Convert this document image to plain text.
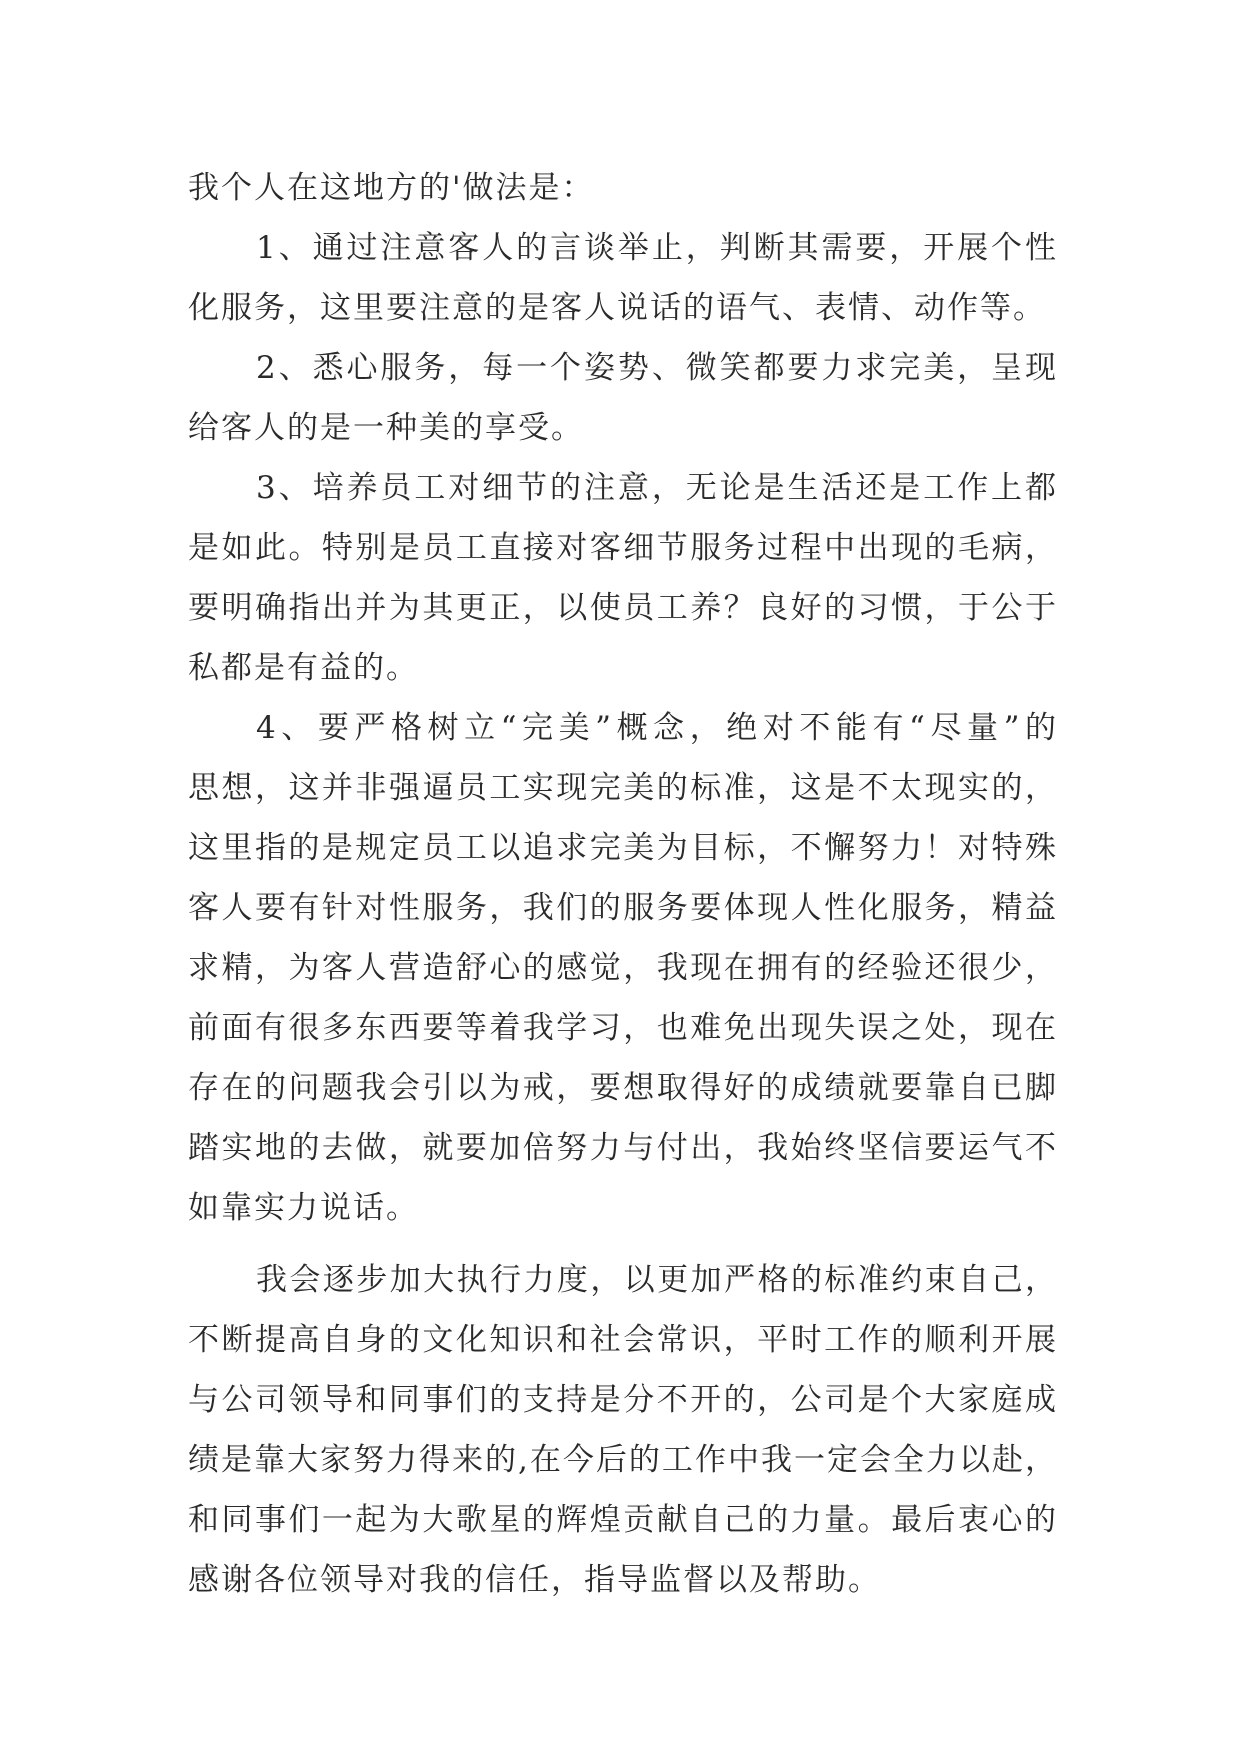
我个人在这地方的'做法是：

1、通过注意客人的言谈举止，判断其需要，开展个性
化服务，这里要注意的是客人说话的语气、表情、动作等。

2、悉心服务，每一个姿势、微笑都要力求完美，呈现
给客人的是一种美的享受。

3、培养员工对细节的注意，无论是生活还是工作上都
是如此。特别是员工直接对客细节服务过程中出现的毛病，
要明确指出并为其更正，以使员工养？良好的习惯，于公于
私都是有益的。

4、要严格树立“完美”概念，绝对不能有“尽量”的
思想，这并非强逼员工实现完美的标准，这是不太现实的，
这里指的是规定员工以追求完美为目标，不懈努力！对特殊
客人要有针对性服务，我们的服务要体现人性化服务，精益
求精，为客人营造舒心的感觉，我现在拥有的经验还很少，
前面有很多东西要等着我学习，也难免出现失误之处，现在
存在的问题我会引以为戒，要想取得好的成绩就要靠自已脚
踏实地的去做，就要加倍努力与付出，我始终坚信要运气不
如靠实力说话。

我会逐步加大执行力度，以更加严格的标准约束自己，
不断提高自身的文化知识和社会常识，平时工作的顺利开展
与公司领导和同事们的支持是分不开的，公司是个大家庭成
绩是靠大家努力得来的,在今后的工作中我一定会全力以赴，
和同事们一起为大歌星的辉煌贡献自己的力量。最后衷心的
感谢各位领导对我的信任，指导监督以及帮助。
